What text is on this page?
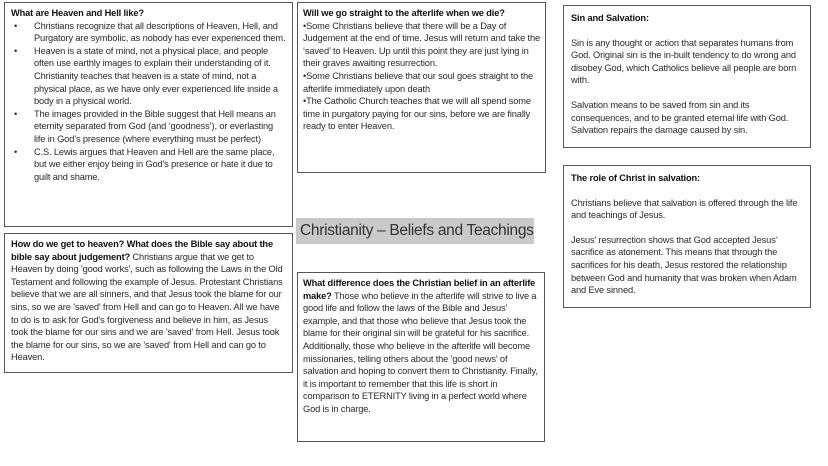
What are Heaven and Hell like?
• Christians recognize that all descriptions of Heaven, Hell, and Purgatory are symbolic, as nobody has ever experienced them.
• Heaven is a state of mind, not a physical place, and people often use earthly images to explain their understanding of it. Christianity teaches that heaven is a state of mind, not a physical place, as we have only ever experienced life inside a body in a physical world.
• The images provided in the Bible suggest that Hell means an eternity separated from God (and ‘goodness’), or everlasting life in God’s presence (where everything must be perfect)
• C.S. Lewis argues that Heaven and Hell are the same place, but we either enjoy being in God's presence or hate it due to guilt and shame.
How do we get to heaven? What does the Bible say about the bible say about judgement? Christians argue that we get to Heaven by doing 'good works', such as following the Laws in the Old Testament and following the example of Jesus. Protestant Christians believe that we are all sinners, and that Jesus took the blame for our sins, so we are 'saved' from Hell and can go to Heaven. All we have to do is to ask for God's forgiveness and believe in him, as Jesus took the blame for our sins and we are 'saved' from Hell. Jesus took the blame for our sins, so we are 'saved' from Hell and can go to Heaven.
Will we go straight to the afterlife when we die?

•Some Christians believe that there will be a Day of Judgement at the end of time. Jesus will return and take the ‘saved’ to Heaven. Up until this point they are just lying in their graves awaiting resurrection.

•Some Christians believe that our soul goes straight to the afterlife immediately upon death

•The Catholic Church teaches that we will all spend some time in purgatory paying for our sins, before we are finally ready to enter Heaven.

Christianity – Beliefs and Teachings
What difference does the Christian belief in an afterlife make? Those who believe in the afterlife will strive to live a good life and follow the laws of the Bible and Jesus' example, and that those who believe that Jesus took the blame for their original sin will be grateful for his sacrifice. Additionally, those who believe in the afterlife will become missionaries, telling others about the 'good news' of salvation and hoping to convert them to Christianity. Finally, it is important to remember that this life is short in comparison to ETERNITY living in a perfect world where God is in charge.
Sin and Salvation:

Sin is any thought or action that separates humans from God. Original sin is the in-built tendency to do wrong and disobey God, which Catholics believe all people are born with.

Salvation means to be saved from sin and its consequences, and to be granted eternal life with God. Salvation repairs the damage caused by sin.

The role of Christ in salvation:

Christians believe that salvation is offered through the life and teachings of Jesus.

Jesus’ resurrection shows that God accepted Jesus’ sacrifice as atonement. This means that through the sacrifices for his death, Jesus restored the relationship between God and humanity that was broken when Adam and Eve sinned.
